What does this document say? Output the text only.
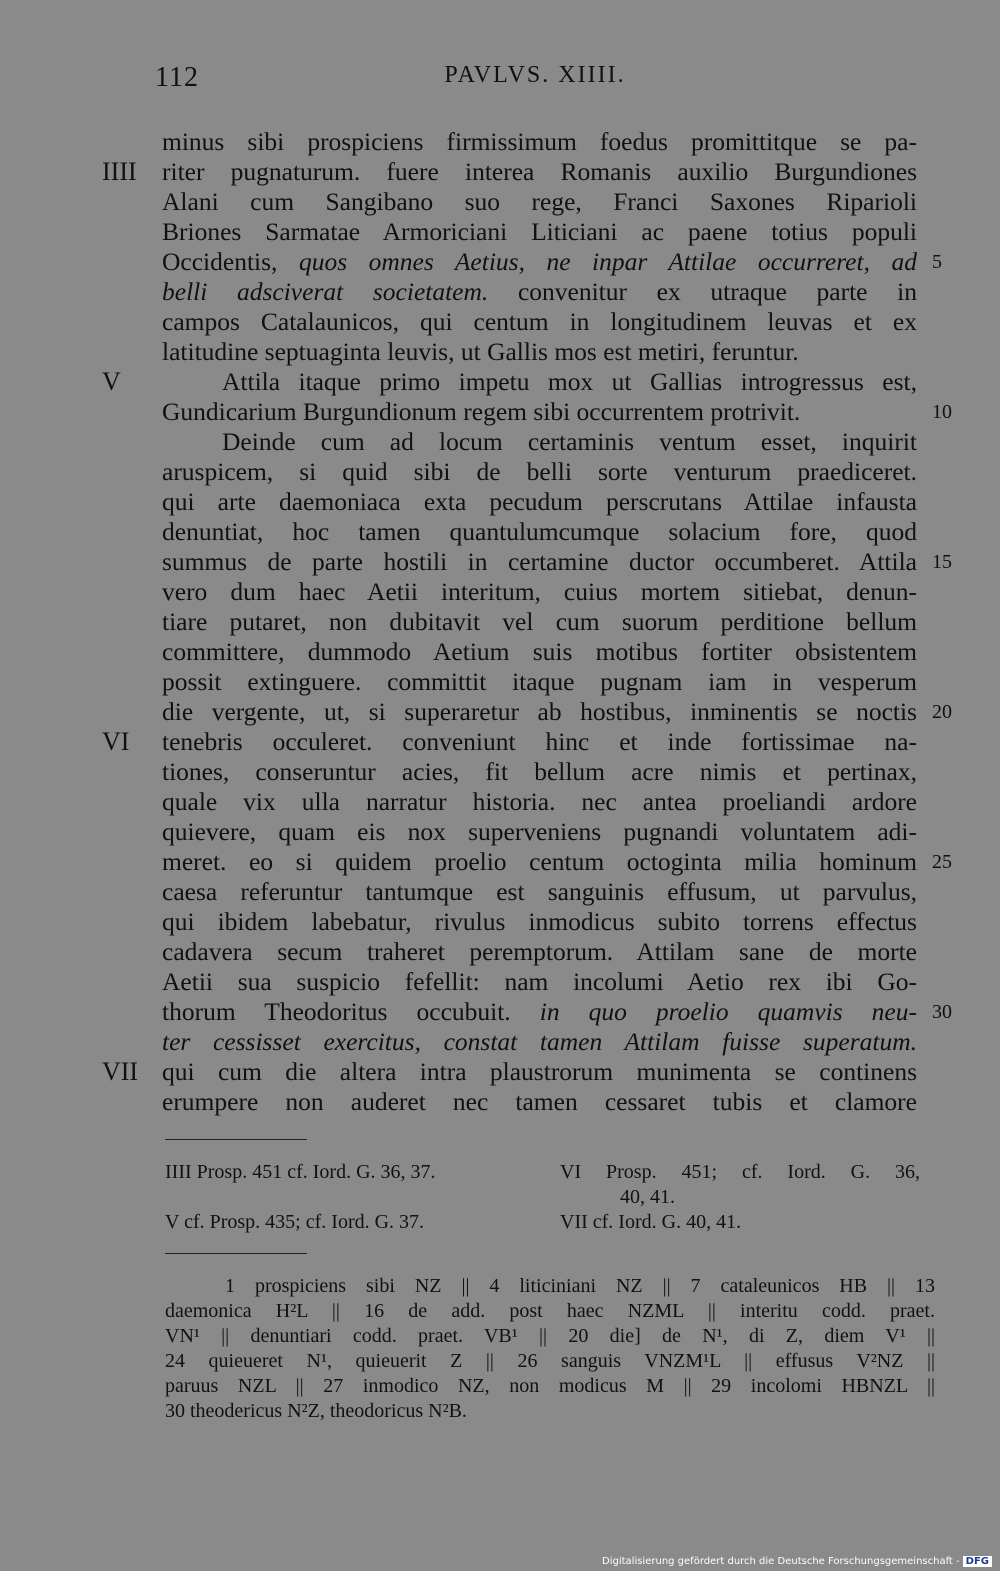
112	PAVLVS. XIIII.
minus sibi prospiciens firmissimum foedus promittitque se pa-
IIII riter pugnaturum. fuere interea Romanis auxilio Burgundiones
Alani cum Sangibano suo rege, Franci Saxones Riparioli
Briones Sarmatae Armoriciani Liticiani ac paene totius populi
Occidentis, quos omnes Aetius, ne inpar Attilae occurreret, ad 5
belli adsciverat societatem. convenitur ex utraque parte in
campos Catalaunicos, qui centum in longitudinem leuvas et ex
latitudine septuaginta leuvis, ut Gallis mos est metiri, feruntur.
V	Attila itaque primo impetu mox ut Gallias introgressus est,
Gundicarium Burgundionum regem sibi occurrentem protrivit.	10
Deinde cum ad locum certaminis ventum esset, inquirit
aruspicem, si quid sibi de belli sorte venturum praediceret.
qui arte daemoniaca exta pecudum perscrutans Attilae infausta
denuntiat, hoc tamen quantulumcumque solacium fore, quod
summus de parte hostili in certamine ductor occumberet. Attila 15
vero dum haec Aetii interitum, cuius mortem sitiebat, denun-
tiare putaret, non dubitavit vel cum suorum perditione bellum
committere, dummodo Aetium suis motibus fortiter obsistentem
possit extinguere. committit itaque pugnam iam in vesperum
die vergente, ut, si superaretur ab hostibus, inminentis se noctis 20
VI	tenebris occuleret. conveniunt hinc et inde fortissimae na-
tiones, conseruntur acies, fit bellum acre nimis et pertinax,
quale vix ulla narratur historia. nec antea proeliandi ardore
quievere, quam eis nox superveniens pugnandi voluntatem adi-
meret. eo si quidem proelio centum octoginta milia hominum 25
caesa referuntur tantumque est sanguinis effusum, ut parvulus,
qui ibidem labebatur, rivulus inmodicus subito torrens effectus
cadavera secum traheret peremptorum. Attilam sane de morte
Aetii sua suspicio fefellit: nam incolumi Aetio rex ibi Go-
thorum Theodoritus occubuit. in quo proelio quamvis neu- 30
ter cessisset exercitus, constat tamen Attilam fuisse superatum.
VII qui cum die altera intra plaustrorum munimenta se continens
erumpere non auderet nec tamen cessaret tubis et clamore
IIII Prosp. 451 cf. Iord. G. 36, 37.
V cf. Prosp. 435; cf. Iord. G. 37.
VI Prosp. 451; cf. Iord. G. 36,
40, 41.
VII cf. Iord. G. 40, 41.
1 prospiciens sibi NZ || 4 liticiniani NZ || 7 cataleunicos HB || 13
daemonica H²L || 16 de add. post haec NZML || interitu codd. praet.
VN¹ || denuntiari codd. praet. VB¹ || 20 die] de N¹, di Z, diem V¹ ||
24 quieueret N¹, quieuerit Z || 26 sanguis VNZM¹L || effusus V²NZ ||
paruus NZL || 27 inmodico NZ, non modicus M || 29 incolomi HBNZL ||
30 theodericus N²Z, theodoricus N²B.
Digitalisierung gefördert durch die Deutsche Forschungsgemeinschaft - DFG
